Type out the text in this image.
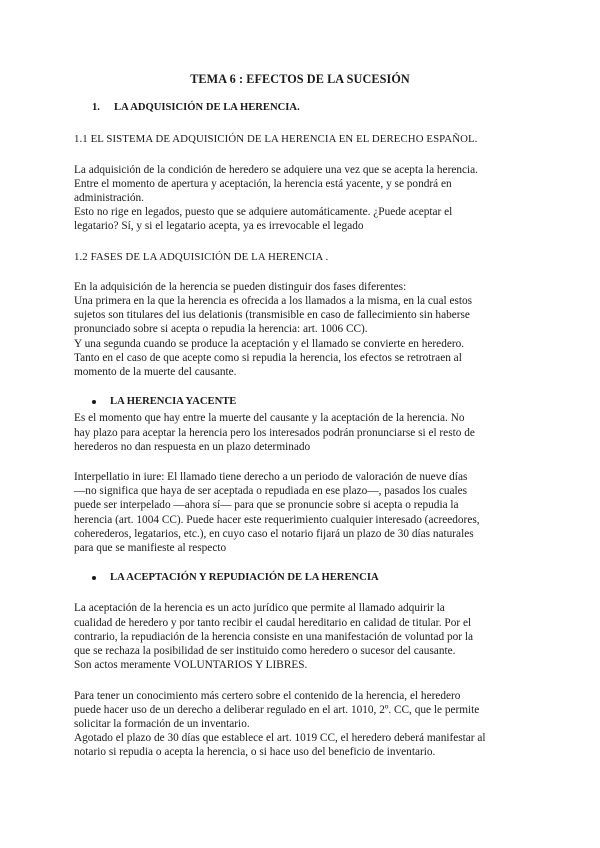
TEMA 6 : EFECTOS DE LA SUCESIÓN
1.	LA ADQUISICIÓN DE LA HERENCIA.
1.1 EL SISTEMA DE ADQUISICIÓN DE LA HERENCIA EN EL DERECHO ESPAÑOL.

La adquisición de la condición de heredero se adquiere una vez que se acepta la herencia.

Entre el momento de apertura y aceptación, la herencia está yacente, y se pondrá en

administración.

Esto no rige en legados, puesto que se adquiere automáticamente. ¿Puede aceptar el

legatario? Sí, y si el legatario acepta, ya es irrevocable el legado

1.2 FASES DE LA ADQUISICIÓN DE LA HERENCIA .

En la adquisición de la herencia se pueden distinguir dos fases diferentes:

Una primera en la que la herencia es ofrecida a los llamados a la misma, en la cual estos

sujetos son titulares del ius delationis (transmisible en caso de fallecimiento sin haberse

pronunciado sobre si acepta o repudia la herencia: art. 1006 CC).

Y una segunda cuando se produce la aceptación y el llamado se convierte en heredero.

Tanto en el caso de que acepte como si repudia la herencia, los efectos se retrotraen al

momento de la muerte del causante.

LA HERENCIA YACENTE

Es el momento que hay entre la muerte del causante y la aceptación de la herencia. No

hay plazo para aceptar la herencia pero los interesados podrán pronunciarse si el resto de

herederos no dan respuesta en un plazo determinado

Interpellatio in iure: El llamado tiene derecho a un periodo de valoración de nueve días

—no significa que haya de ser aceptada o repudiada en ese plazo—, pasados los cuales

puede ser interpelado —ahora sí— para que se pronuncie sobre si acepta o repudia la

herencia (art. 1004 CC). Puede hacer este requerimiento cualquier interesado (acreedores,

coherederos, legatarios, etc.), en cuyo caso el notario fijará un plazo de 30 días naturales

para que se manifieste al respecto

LA ACEPTACIÓN Y REPUDIACIÓN DE LA HERENCIA

La aceptación de la herencia es un acto jurídico que permite al llamado adquirir la

cualidad de heredero y por tanto recibir el caudal hereditario en calidad de titular. Por el

contrario, la repudiación de la herencia consiste en una manifestación de voluntad por la

que se rechaza la posibilidad de ser instituido como heredero o sucesor del causante.

Son actos meramente VOLUNTARIOS Y LIBRES.

Para tener un conocimiento más certero sobre el contenido de la herencia, el heredero

puede hacer uso de un derecho a deliberar regulado en el art. 1010, 2º. CC, que le permite

solicitar la formación de un inventario.

Agotado el plazo de 30 días que establece el art. 1019 CC, el heredero deberá manifestar al

notario si repudia o acepta la herencia, o si hace uso del beneficio de inventario.
